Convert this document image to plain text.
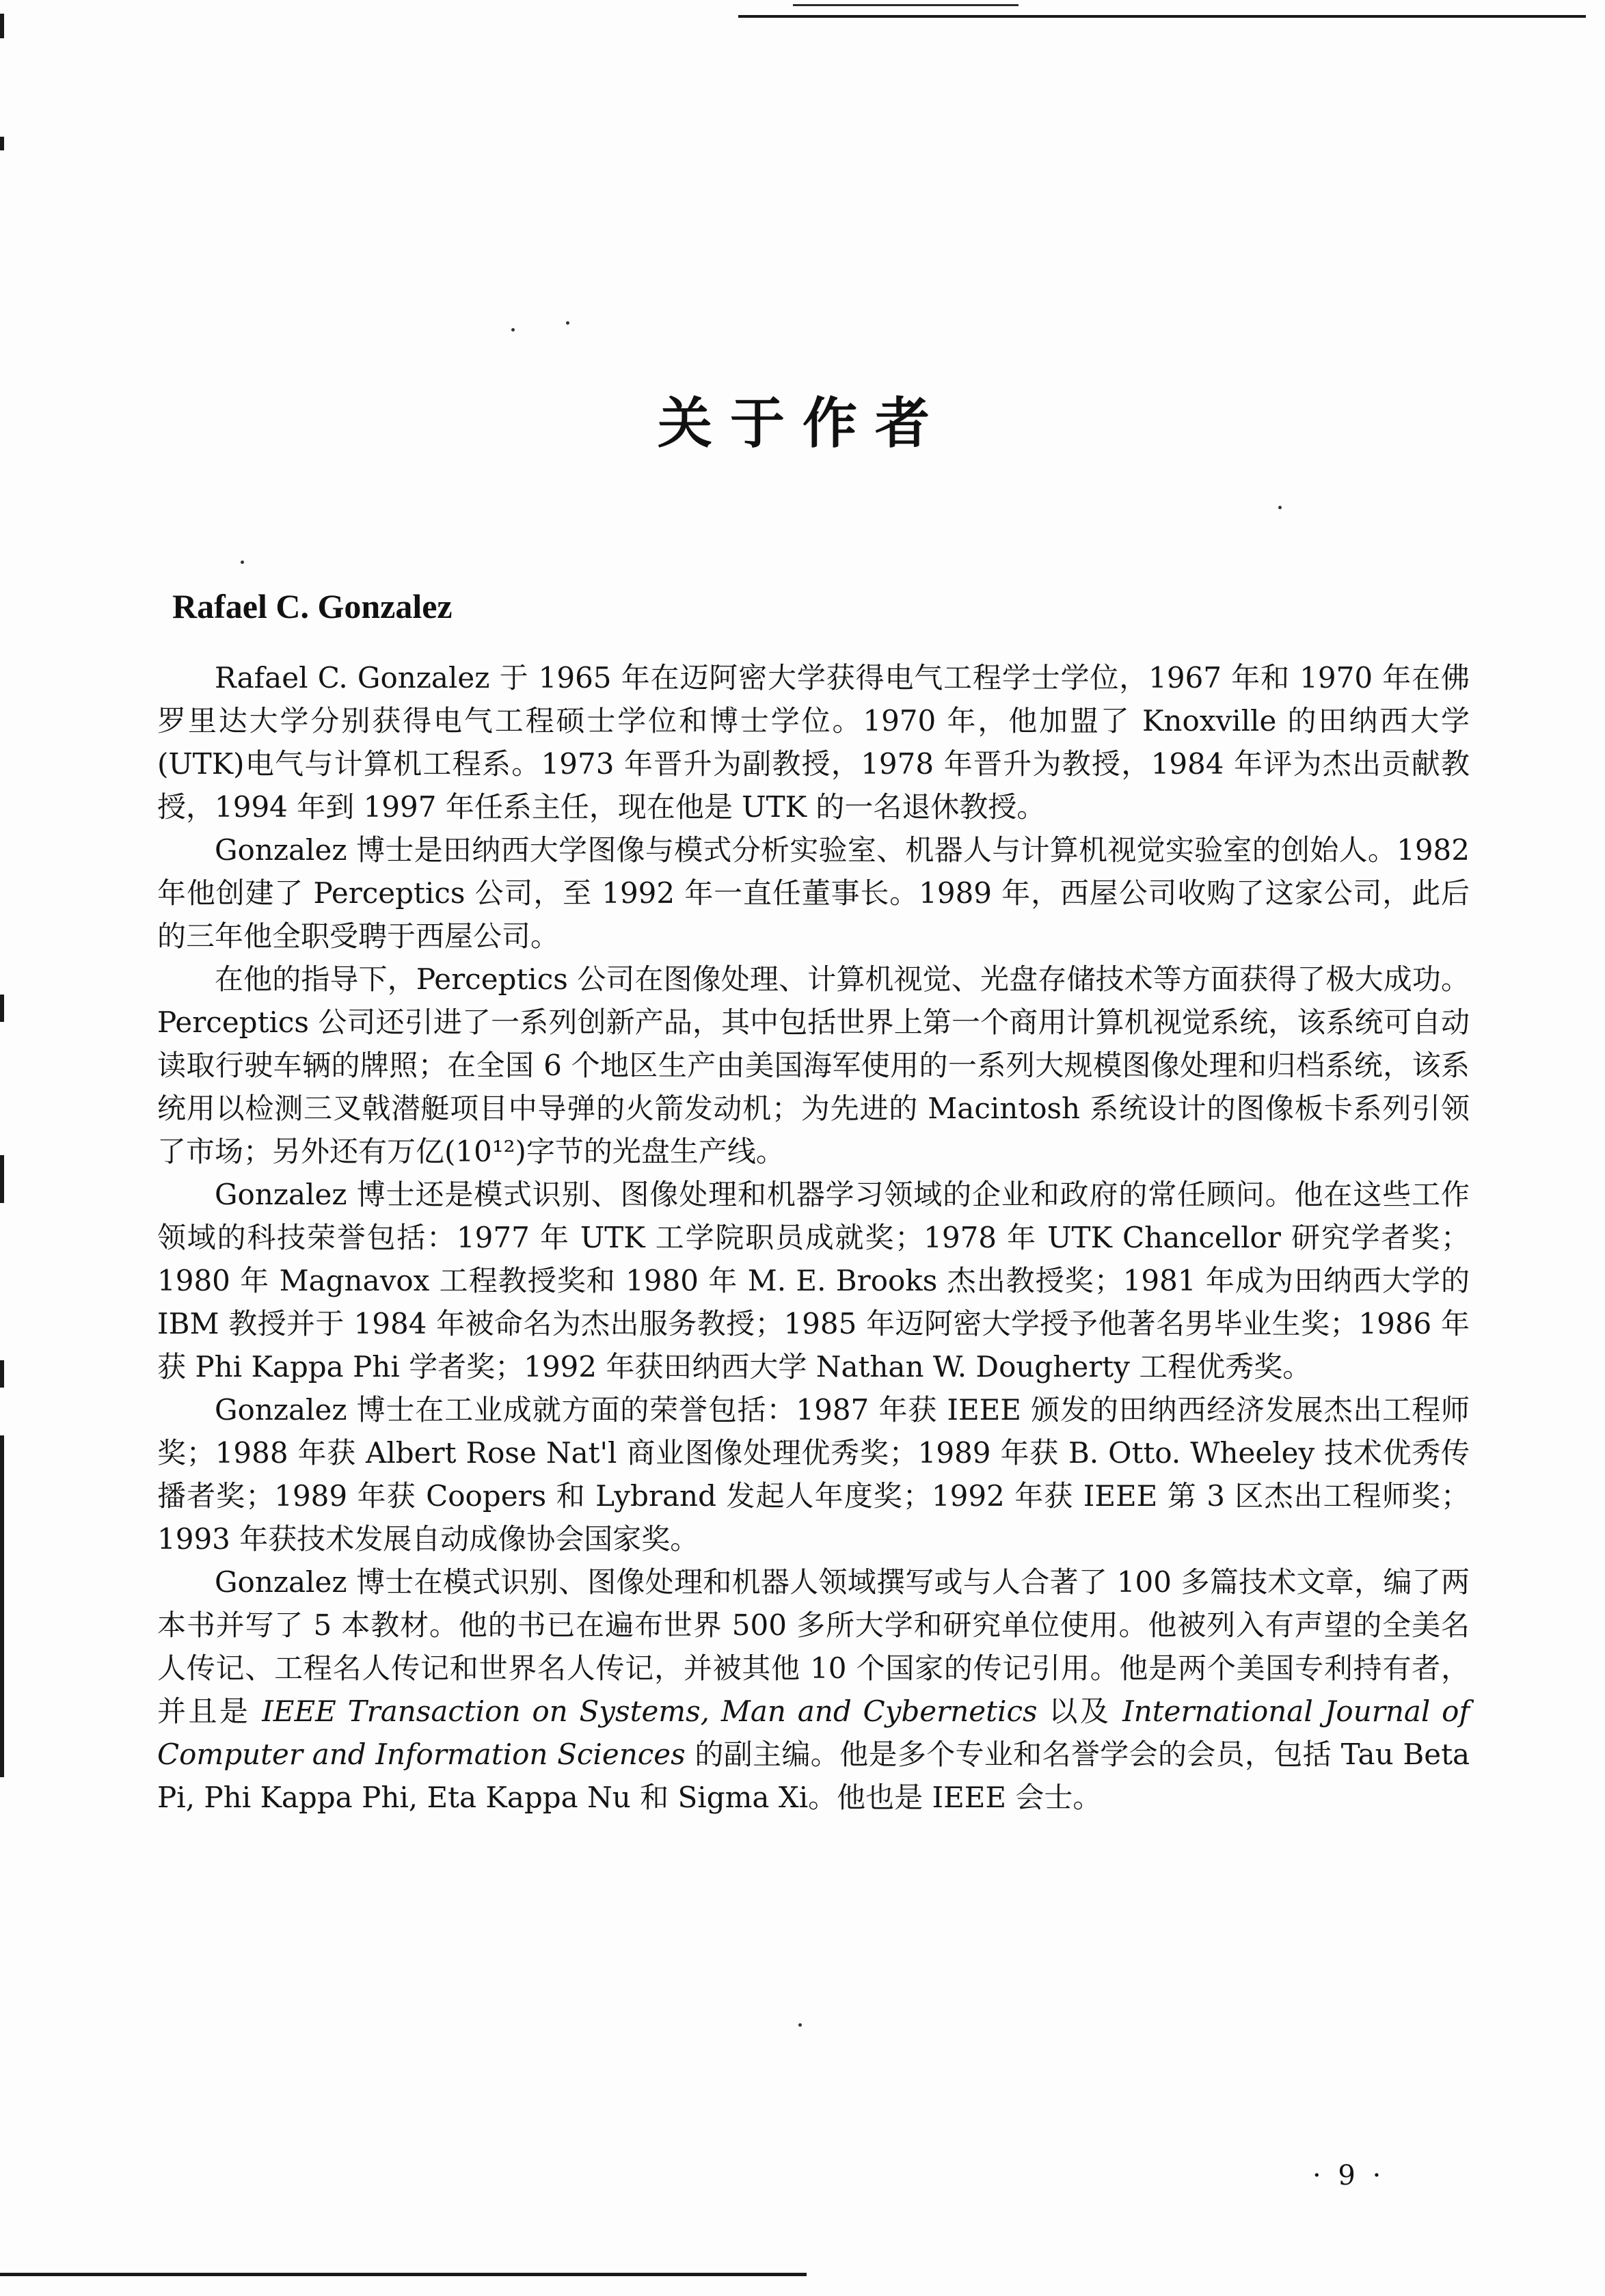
关于作者
Rafael C. Gonzalez

Rafael C. Gonzalez 于 1965 年在迈阿密大学获得电气工程学士学位，1967 年和 1970 年在佛罗里达大学分别获得电气工程硕士学位和博士学位。1970 年，他加盟了 Knoxville 的田纳西大学(UTK)电气与计算机工程系。1973 年晋升为副教授，1978 年晋升为教授，1984 年评为杰出贡献教授，1994 年到 1997 年任系主任，现在他是 UTK 的一名退休教授。

Gonzalez 博士是田纳西大学图像与模式分析实验室、机器人与计算机视觉实验室的创始人。1982 年他创建了 Perceptics 公司，至 1992 年一直任董事长。1989 年，西屋公司收购了这家公司，此后的三年他全职受聘于西屋公司。

在他的指导下，Perceptics 公司在图像处理、计算机视觉、光盘存储技术等方面获得了极大成功。Perceptics 公司还引进了一系列创新产品，其中包括世界上第一个商用计算机视觉系统，该系统可自动读取行驶车辆的牌照；在全国 6 个地区生产由美国海军使用的一系列大规模图像处理和归档系统，该系统用以检测三叉戟潜艇项目中导弹的火箭发动机；为先进的 Macintosh 系统设计的图像板卡系列引领了市场；另外还有万亿(10¹²)字节的光盘生产线。

Gonzalez 博士还是模式识别、图像处理和机器学习领域的企业和政府的常任顾问。他在这些工作领域的科技荣誉包括：1977 年 UTK 工学院职员成就奖；1978 年 UTK Chancellor 研究学者奖；1980 年 Magnavox 工程教授奖和 1980 年 M. E. Brooks 杰出教授奖；1981 年成为田纳西大学的 IBM 教授并于 1984 年被命名为杰出服务教授；1985 年迈阿密大学授予他著名男毕业生奖；1986 年获 Phi Kappa Phi 学者奖；1992 年获田纳西大学 Nathan W. Dougherty 工程优秀奖。

Gonzalez 博士在工业成就方面的荣誉包括：1987 年获 IEEE 颁发的田纳西经济发展杰出工程师奖；1988 年获 Albert Rose Nat'l 商业图像处理优秀奖；1989 年获 B. Otto. Wheeley 技术优秀传播者奖；1989 年获 Coopers 和 Lybrand 发起人年度奖；1992 年获 IEEE 第 3 区杰出工程师奖；1993 年获技术发展自动成像协会国家奖。

Gonzalez 博士在模式识别、图像处理和机器人领域撰写或与人合著了 100 多篇技术文章，编了两本书并写了 5 本教材。他的书已在遍布世界 500 多所大学和研究单位使用。他被列入有声望的全美名人传记、工程名人传记和世界名人传记，并被其他 10 个国家的传记引用。他是两个美国专利持有者，并且是 IEEE Transaction on Systems, Man and Cybernetics 以及 International Journal of Computer and Information Sciences 的副主编。他是多个专业和名誉学会的会员，包括 Tau Beta Pi, Phi Kappa Phi, Eta Kappa Nu 和 Sigma Xi。他也是 IEEE 会士。

· 9 ·
